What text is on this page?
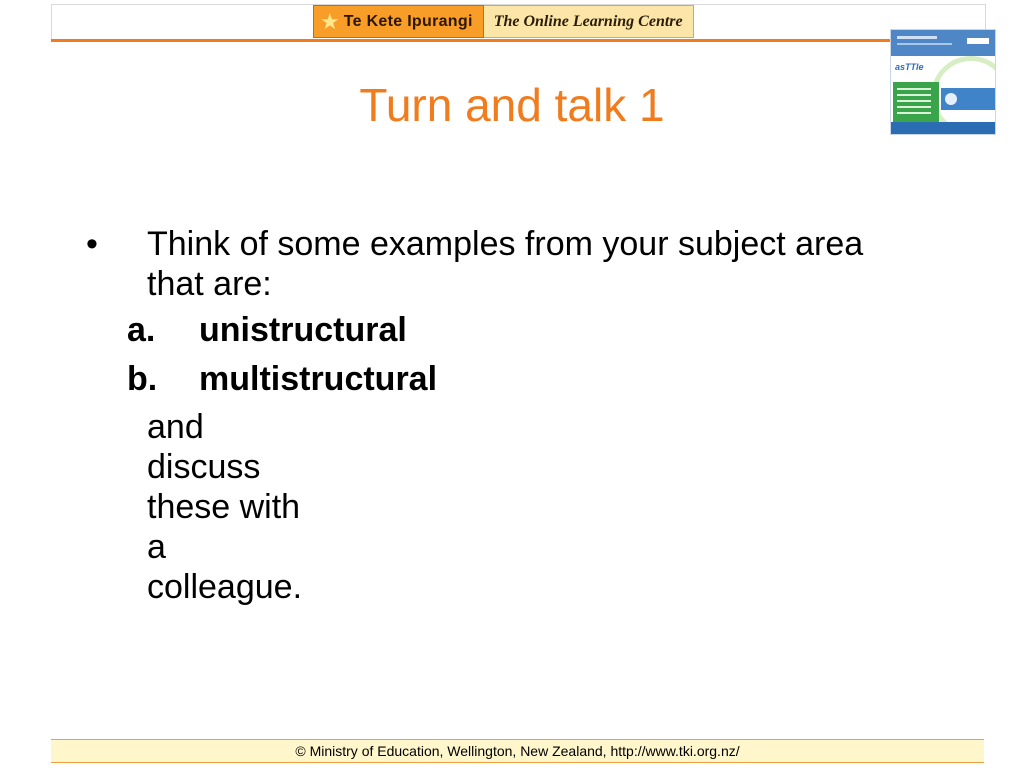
★ Te Kete Ipurangi The Online Learning Centre
asTTle
Turn and talk 1
• Think of some examples from your subject area that are:
a. unistructural
b. multistructural
and discuss these with a colleague.
© Ministry of Education, Wellington, New Zealand, http://www.tki.org.nz/
